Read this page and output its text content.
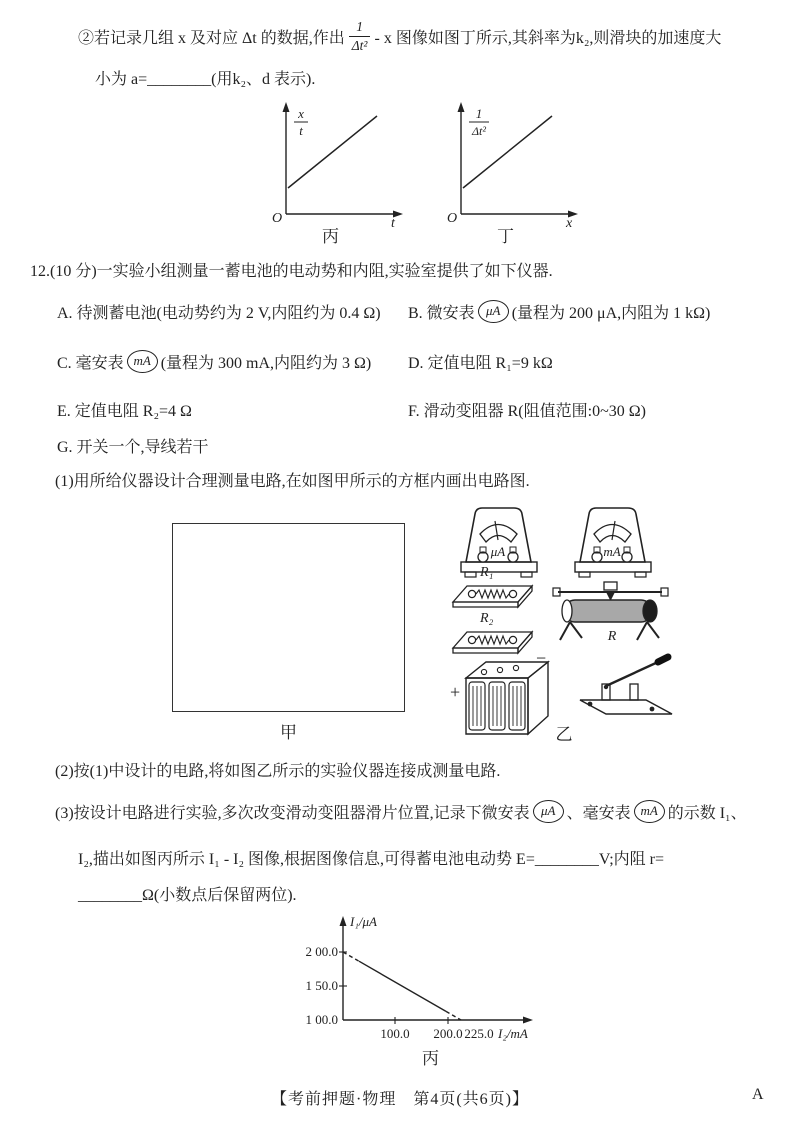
②若记录几组 x 及对应 Δt 的数据,作出 $\frac{1}{\text{Δt²}}$ - x 图像如图丁所示,其斜率为k₂,则滑块的加速度大
小为 a=________(用k₂、d 表示).
O
x
t
t
丙
O
1
Δt²
x
丁
12.(10 分)一实验小组测量一蓄电池的电动势和内阻,实验室提供了如下仪器.
A. 待测蓄电池(电动势约为 2 V,内阻约为 0.4 Ω) B. 微安表 μA (量程为 200 μA,内阻为 1 kΩ)
C. 毫安表 mA (量程为 300 mA,内阻约为 3 Ω) D. 定值电阻 R₁=9 kΩ
E. 定值电阻 R₂=4 Ω	F. 滑动变阻器 R(阻值范围:0~30 Ω)
G. 开关一个,导线若干
(1)用所给仪器设计合理测量电路,在如图甲所示的方框内画出电路图.
甲
μA	mA
R₁
R
R₂
+
−
乙
(2)按(1)中设计的电路,将如图乙所示的实验仪器连接成测量电路.
(3)按设计电路进行实验,多次改变滑动变阻器滑片位置,记录下微安表 μA 、毫安表 mA 的示数 I₁、
I₂,描出如图丙所示 I₁ - I₂ 图像,根据图像信息,可得蓄电池电动势 E=________V;内阻 r=
________Ω(小数点后保留两位).
I₁/μA
2 00.0
1 50.0
1 00.0
100.0 200.0 225.0 I₂/mA
丙
【考前押题·物理　第4页(共6页)】	A
